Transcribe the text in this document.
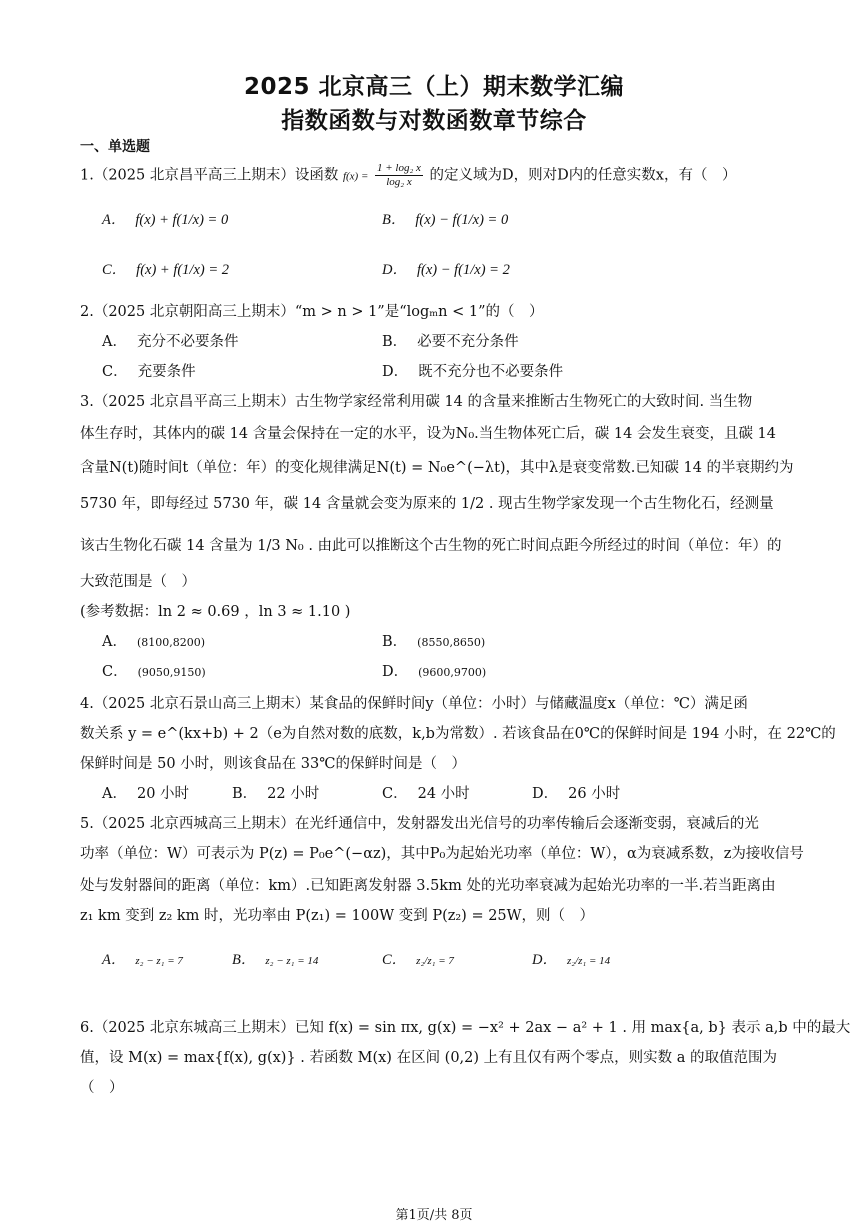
2025 北京高三（上）期末数学汇编
指数函数与对数函数章节综合
一、单选题
1.（2025 北京昌平高三上期末）设函数 $f(x) = \frac{\text{1 + log₂ x}}{\text{log₂ x}}$ 的定义域为D，则对D内的任意实数x，有（　）
A． f(x) + f(1/x) = 0	B． f(x) − f(1/x) = 0
C． f(x) + f(1/x) = 2	D． f(x) − f(1/x) = 2
2.（2025 北京朝阳高三上期末）“m > n > 1”是“logₘn < 1”的（　）
A． 充分不必要条件	B． 必要不充分条件
C． 充要条件	D． 既不充分也不必要条件
3.（2025 北京昌平高三上期末）古生物学家经常利用碳 14 的含量来推断古生物死亡的大致时间. 当生物
体生存时，其体内的碳 14 含量会保持在一定的水平，设为N₀.当生物体死亡后，碳 14 会发生衰变，且碳 14
含量N(t)随时间t（单位：年）的变化规律满足N(t) = N₀e^(−λt)，其中λ是衰变常数.已知碳 14 的半衰期约为
5730 年，即每经过 5730 年，碳 14 含量就会变为原来的 1/2 . 现古生物学家发现一个古生物化石，经测量
该古生物化石碳 14 含量为 1/3 N₀ . 由此可以推断这个古生物的死亡时间点距今所经过的时间（单位：年）的
大致范围是（　）
(参考数据：ln 2 ≈ 0.69 ，ln 3 ≈ 1.10 )
A． (8100,8200)	B． (8550,8650)
C． (9050,9150)	D． (9600,9700)
4.（2025 北京石景山高三上期末）某食品的保鲜时间y（单位：小时）与储藏温度x（单位：℃）满足函
数关系 y = e^(kx+b) + 2（e为自然对数的底数，k,b为常数）. 若该食品在0℃的保鲜时间是 194 小时，在 22℃的
保鲜时间是 50 小时，则该食品在 33℃的保鲜时间是（　）
A． 20 小时	B． 22 小时	C． 24 小时	D． 26 小时
5.（2025 北京西城高三上期末）在光纤通信中，发射器发出光信号的功率传输后会逐渐变弱，衰减后的光
功率（单位：W）可表示为 P(z) = P₀e^(−αz)，其中P₀为起始光功率（单位：W），α为衰减系数，z为接收信号
处与发射器间的距离（单位：km）.已知距离发射器 3.5km 处的光功率衰减为起始光功率的一半.若当距离由
z₁ km 变到 z₂ km 时，光功率由 P(z₁) = 100W 变到 P(z₂) = 25W，则（　）
A． z₂ − z₁ = 7	B． z₂ − z₁ = 14	C． z₂/z₁ = 7	D． z₂/z₁ = 14
6.（2025 北京东城高三上期末）已知 f(x) = sin πx, g(x) = −x² + 2ax − a² + 1 . 用 max{a, b} 表示 a,b 中的最大
值，设 M(x) = max{f(x), g(x)} . 若函数 M(x) 在区间 (0,2) 上有且仅有两个零点，则实数 a 的取值范围为
（　）
第1页/共 8页
